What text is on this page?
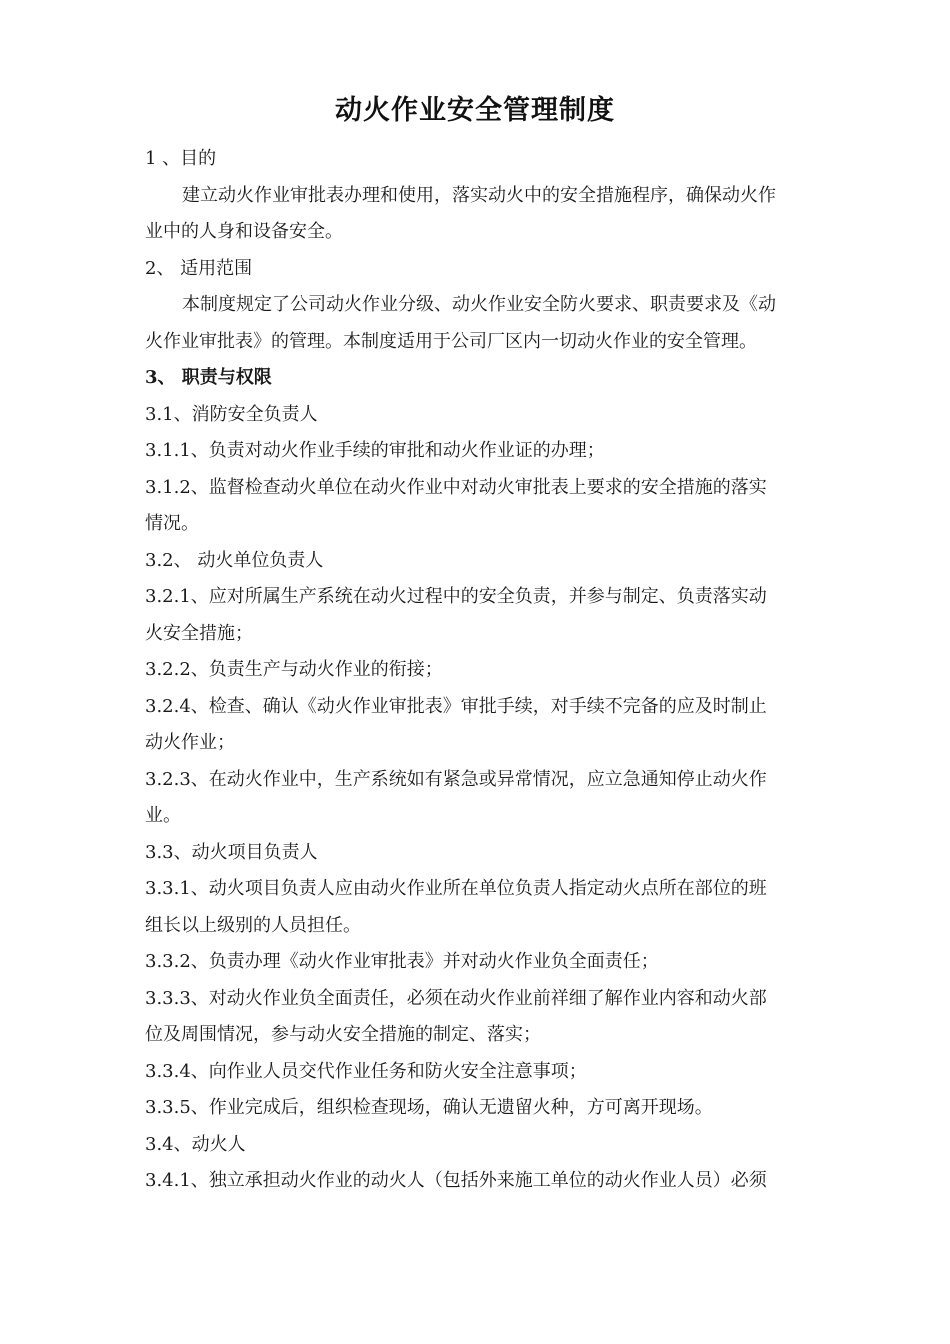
动火作业安全管理制度
1 、目的
建立动火作业审批表办理和使用，落实动火中的安全措施程序，确保动火作
业中的人身和设备安全。
2、 适用范围
本制度规定了公司动火作业分级、动火作业安全防火要求、职责要求及《动
火作业审批表》的管理。本制度适用于公司厂区内一切动火作业的安全管理。
3、 职责与权限
3.1、消防安全负责人
3.1.1、负责对动火作业手续的审批和动火作业证的办理；
3.1.2、监督检查动火单位在动火作业中对动火审批表上要求的安全措施的落实
情况。
3.2、 动火单位负责人
3.2.1、应对所属生产系统在动火过程中的安全负责，并参与制定、负责落实动
火安全措施；
3.2.2、负责生产与动火作业的衔接；
3.2.4、检查、确认《动火作业审批表》审批手续，对手续不完备的应及时制止
动火作业；
3.2.3、在动火作业中，生产系统如有紧急或异常情况，应立急通知停止动火作
业。
3.3、动火项目负责人
3.3.1、动火项目负责人应由动火作业所在单位负责人指定动火点所在部位的班
组长以上级别的人员担任。
3.3.2、负责办理《动火作业审批表》并对动火作业负全面责任；
3.3.3、对动火作业负全面责任，必须在动火作业前祥细了解作业内容和动火部
位及周围情况，参与动火安全措施的制定、落实；
3.3.4、向作业人员交代作业任务和防火安全注意事项；
3.3.5、作业完成后，组织检查现场，确认无遗留火种，方可离开现场。
3.4、动火人
3.4.1、独立承担动火作业的动火人（包括外来施工单位的动火作业人员）必须
